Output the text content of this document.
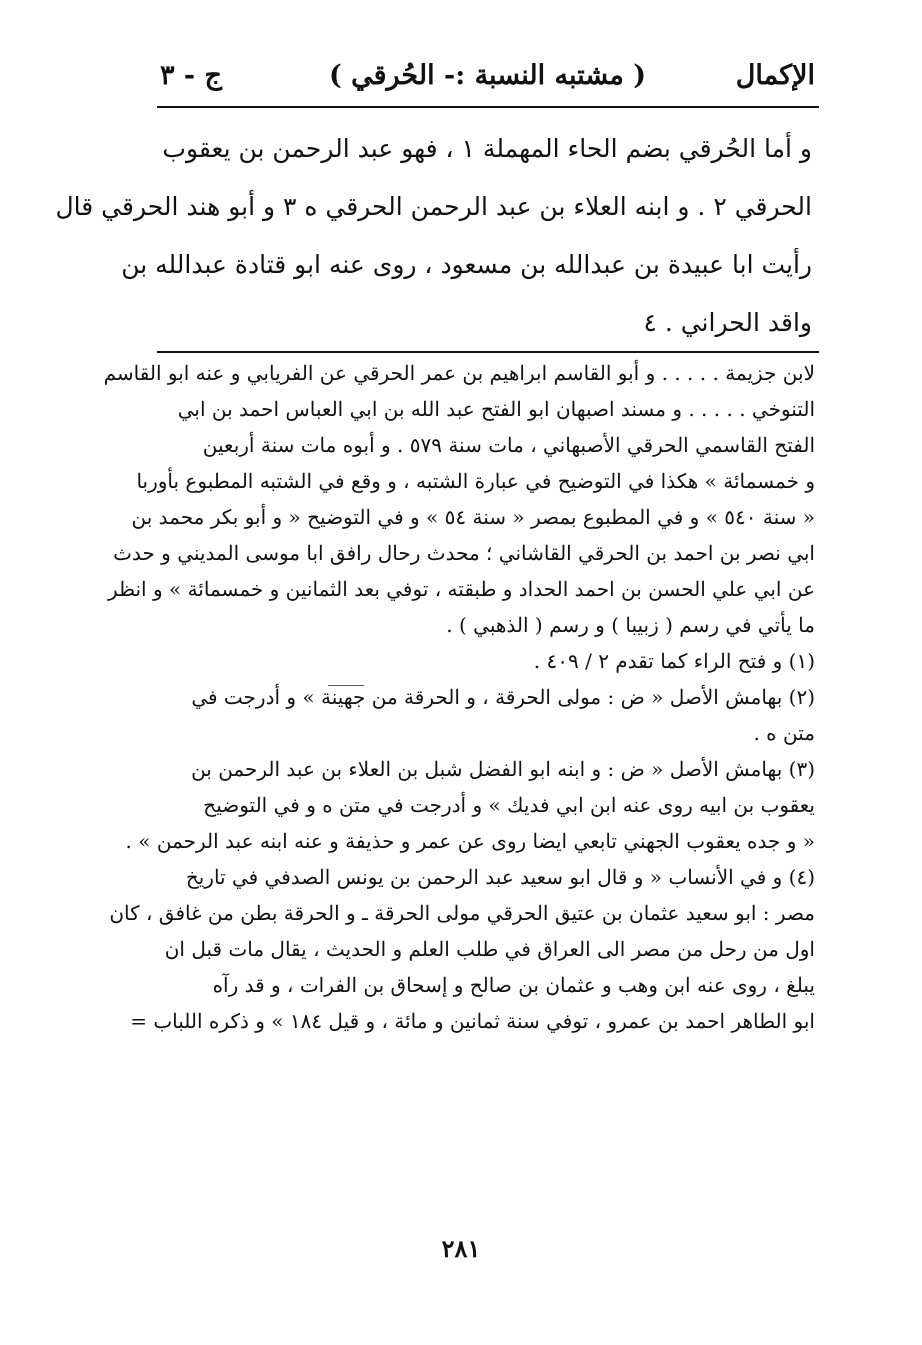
الإكمال
( مشتبه النسبة :- الحُرقي )
ج - ٣
و أما الحُرقي بضم الحاء المهملة ١ ، فهو عبد الرحمن بن يعقوب
الحرقي ٢ . و ابنه العلاء بن عبد الرحمن الحرقي ه ٣ و أبو هند الحرقي قال
رأيت ابا عبيدة بن عبدالله بن مسعود ، روى عنه ابو قتادة عبدالله بن
واقد الحراني . ٤
لابن جزيمة . . . . . و أبو القاسم ابراهيم بن عمر الحرقي عن الفريابي و عنه ابو القاسم
التنوخي . . . . . و مسند اصبهان ابو الفتح عبد الله بن ابي العباس احمد بن ابي
الفتح القاسمي الحرقي الأصبهاني ، مات سنة ٥٧٩ . و أبوه مات سنة أربعين
و خمسمائة » هكذا في التوضيح في عبارة الشتبه ، و وقع في الشتبه المطبوع بأوربا
« سنة ٥٤٠ » و في المطبوع بمصر « سنة ٥٤ » و في التوضيح « و أبو بكر محمد بن
ابي نصر بن احمد بن الحرقي القاشاني ؛ محدث رحال رافق ابا موسى المديني و حدث
عن ابي علي الحسن بن احمد الحداد و طبقته ، توفي بعد الثمانين و خمسمائة » و انظر
ما يأتي في رسم ( زبيبا ) و رسم ( الذهبي ) .
(١) و فتح الراء كما تقدم ٢ / ٤٠٩ .
(٢) بهامش الأصل « ض : مولى الحرقة ، و الحرقة من جهينة » و أدرجت في
متن ه .
(٣) بهامش الأصل « ض : و ابنه ابو الفضل شبل بن العلاء بن عبد الرحمن بن
يعقوب بن ابيه روى عنه ابن ابي فديك » و أدرجت في متن ه و في التوضيح
« و جده يعقوب الجهني تابعي ايضا روى عن عمر و حذيفة و عنه ابنه عبد الرحمن » .
(٤) و في الأنساب « و قال ابو سعيد عبد الرحمن بن يونس الصدفي في تاريخ
مصر : ابو سعيد عثمان بن عتيق الحرقي مولى الحرقة ـ و الحرقة بطن من غافق ، كان
اول من رحل من مصر الى العراق في طلب العلم و الحديث ، يقال مات قبل ان
يبلغ ، روى عنه ابن وهب و عثمان بن صالح و إسحاق بن الفرات ، و قد رآه
ابو الطاهر احمد بن عمرو ، توفي سنة ثمانين و مائة ، و قيل ١٨٤ » و ذكره اللباب =
٢٨١
